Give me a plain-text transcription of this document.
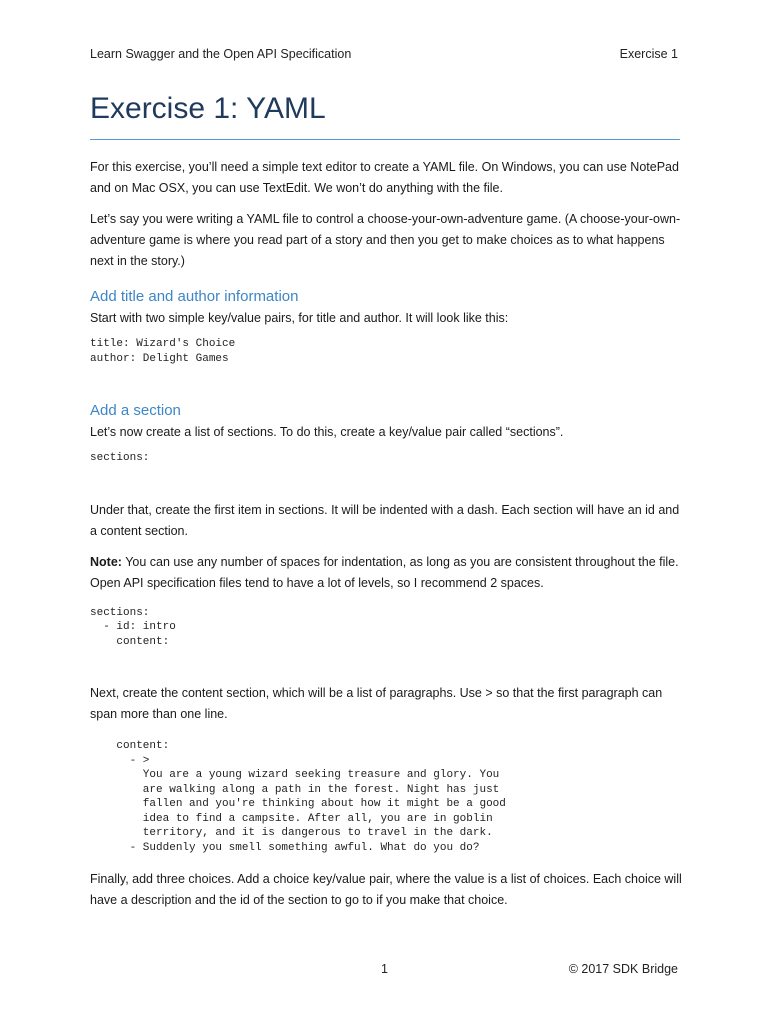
Learn Swagger and the Open API Specification	Exercise 1
Exercise 1: YAML

For this exercise, you’ll need a simple text editor to create a YAML file. On Windows, you can use NotePad and on Mac OSX, you can use TextEdit. We won’t do anything with the file.

Let’s say you were writing a YAML file to control a choose-your-own-adventure game. (A choose-your-own-adventure game is where you read part of a story and then you get to make choices as to what happens next in the story.)

Add title and author information

Start with two simple key/value pairs, for title and author. It will look like this:

title: Wizard's Choice
author: Delight Games
Add a section

Let’s now create a list of sections. To do this, create a key/value pair called “sections”.

sections:

Under that, create the first item in sections. It will be indented with a dash. Each section will have an id and a content section.

Note: You can use any number of spaces for indentation, as long as you are consistent throughout the file. Open API specification files tend to have a lot of levels, so I recommend 2 spaces.

sections:
- id: intro
content:

Next, create the content section, which will be a list of paragraphs. Use > so that the first paragraph can span more than one line.

content:
- >
You are a young wizard seeking treasure and glory. You
are walking along a path in the forest. Night has just
fallen and you're thinking about how it might be a good
idea to find a campsite. After all, you are in goblin
territory, and it is dangerous to travel in the dark.
- Suddenly you smell something awful. What do you do?

Finally, add three choices. Add a choice key/value pair, where the value is a list of choices. Each choice will have a description and the id of the section to go to if you make that choice.

1	© 2017 SDK Bridge
